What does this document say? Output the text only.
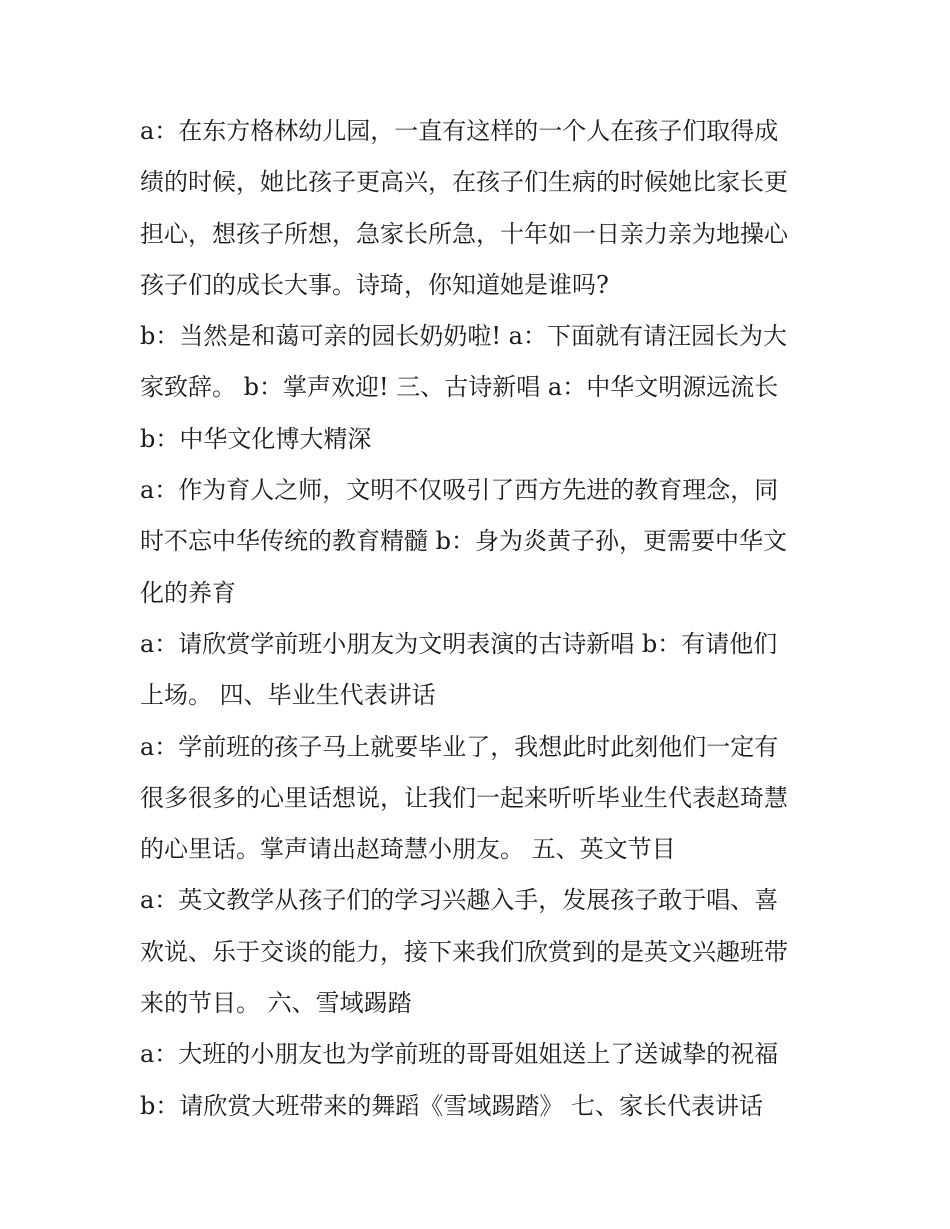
a：在东方格林幼儿园，一直有这样的一个人在孩子们取得成
绩的时候，她比孩子更高兴，在孩子们生病的时候她比家长更
担心，想孩子所想，急家长所急，十年如一日亲力亲为地操心
孩子们的成长大事。诗琦，你知道她是谁吗?
b：当然是和蔼可亲的园长奶奶啦! a：下面就有请汪园长为大
家致辞。 b：掌声欢迎! 三、古诗新唱 a：中华文明源远流长
b：中华文化博大精深
a：作为育人之师，文明不仅吸引了西方先进的教育理念，同
时不忘中华传统的教育精髓 b：身为炎黄子孙，更需要中华文
化的养育
a：请欣赏学前班小朋友为文明表演的古诗新唱 b：有请他们
上场。 四、毕业生代表讲话
a：学前班的孩子马上就要毕业了，我想此时此刻他们一定有
很多很多的心里话想说，让我们一起来听听毕业生代表赵琦慧
的心里话。掌声请出赵琦慧小朋友。 五、英文节目
a：英文教学从孩子们的学习兴趣入手，发展孩子敢于唱、喜
欢说、乐于交谈的能力，接下来我们欣赏到的是英文兴趣班带
来的节目。 六、雪域踢踏
a：大班的小朋友也为学前班的哥哥姐姐送上了送诚挚的祝福
b：请欣赏大班带来的舞蹈《雪域踢踏》 七、家长代表讲话
